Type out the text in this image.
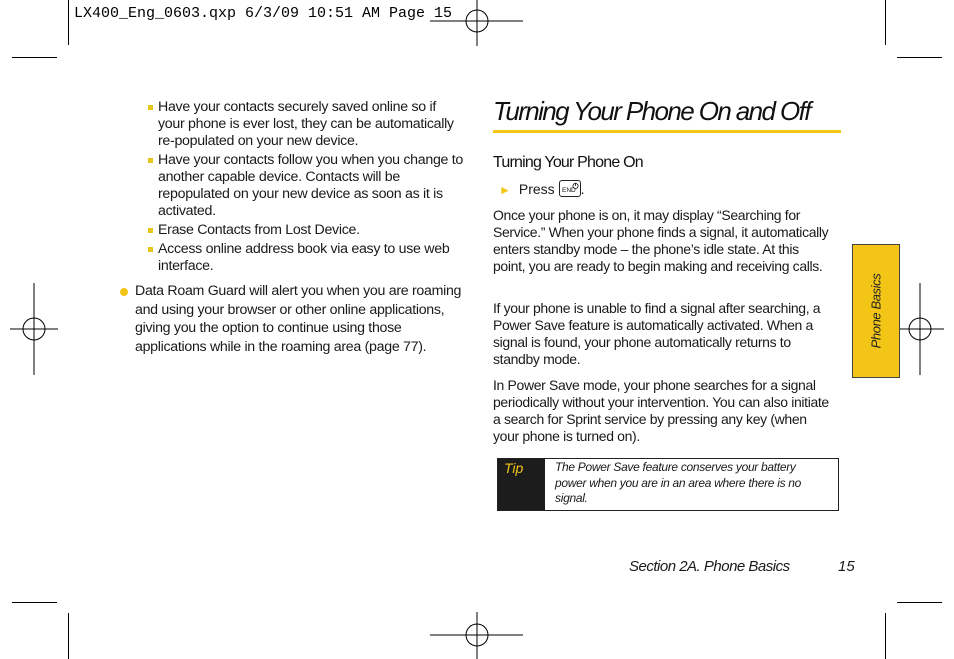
LX400_Eng_0603.qxp 6/3/09 10:51 AM Page 15
Have your contacts securely saved online so if your phone is ever lost, they can be automatically re-populated on your new device.
Have your contacts follow you when you change to another capable device. Contacts will be repopulated on your new device as soon as it is activated.
Erase Contacts from Lost Device.
Access online address book via easy to use web interface.
Data Roam Guard will alert you when you are roaming and using your browser or other online applications, giving you the option to continue using those applications while in the roaming area (page 77).
Turning Your Phone On and Off
Turning Your Phone On
► Press END .
Once your phone is on, it may display “Searching for Service.” When your phone finds a signal, it automatically enters standby mode – the phone’s idle state. At this point, you are ready to begin making and receiving calls.
If your phone is unable to find a signal after searching, a Power Save feature is automatically activated. When a signal is found, your phone automatically returns to standby mode.
In Power Save mode, your phone searches for a signal periodically without your intervention. You can also initiate a search for Sprint service by pressing any key (when your phone is turned on).
Tip	The Power Save feature conserves your battery power when you are in an area where there is no signal.
Phone Basics
Section 2A. Phone Basics	15
